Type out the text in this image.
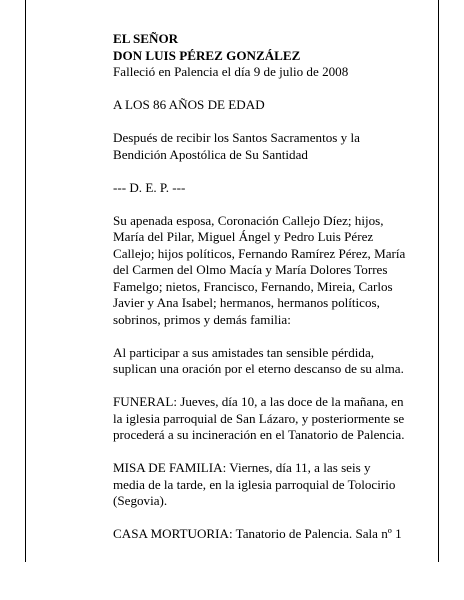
EL SEÑOR
DON LUIS PÉREZ GONZÁLEZ
Falleció en Palencia el día 9 de julio de 2008
A LOS 86 AÑOS DE EDAD
Después de recibir los Santos Sacramentos y la
Bendición Apostólica de Su Santidad
--- D. E. P. ---
Su apenada esposa, Coronación Callejo Díez; hijos,
María del Pilar, Miguel Ángel y Pedro Luis Pérez
Callejo; hijos políticos, Fernando Ramírez Pérez, María
del Carmen del Olmo Macía y María Dolores Torres
Famelgo; nietos, Francisco, Fernando, Mireia, Carlos
Javier y Ana Isabel; hermanos, hermanos políticos,
sobrinos, primos y demás familia:
Al participar a sus amistades tan sensible pérdida,
suplican una oración por el eterno descanso de su alma.
FUNERAL: Jueves, día 10, a las doce de la mañana, en
la iglesia parroquial de San Lázaro, y posteriormente se
procederá a su incineración en el Tanatorio de Palencia.
MISA DE FAMILIA: Viernes, día 11, a las seis y
media de la tarde, en la iglesia parroquial de Tolocirio
(Segovia).
CASA MORTUORIA: Tanatorio de Palencia. Sala nº 1
